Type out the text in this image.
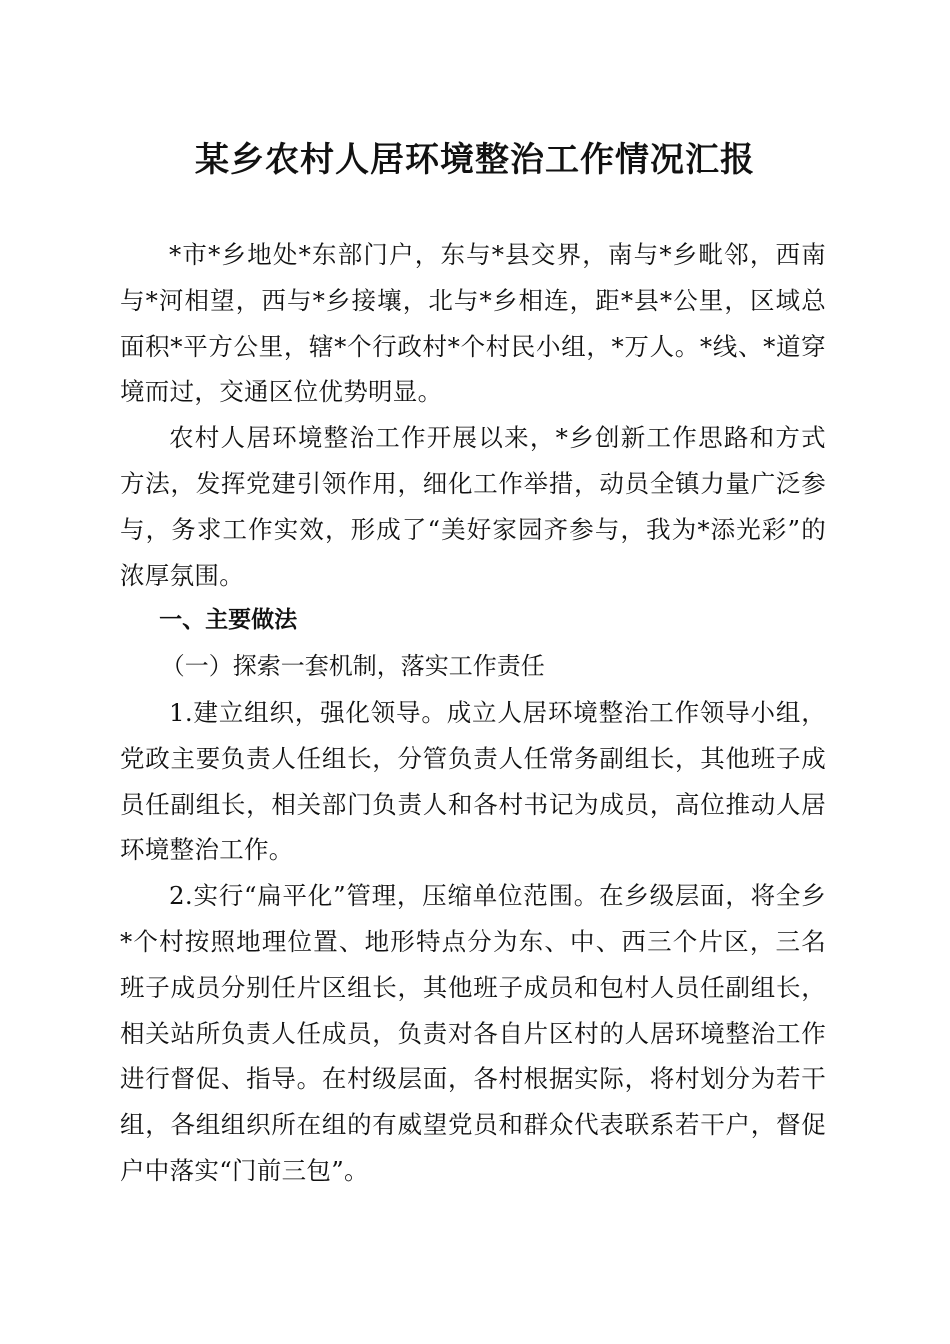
某乡农村人居环境整治工作情况汇报

*市*乡地处*东部门户，东与*县交界，南与*乡毗邻，西南与*河相望，西与*乡接壤，北与*乡相连，距*县*公里，区域总面积*平方公里，辖*个行政村*个村民小组，*万人。*线、*道穿境而过，交通区位优势明显。

农村人居环境整治工作开展以来，*乡创新工作思路和方式方法，发挥党建引领作用，细化工作举措，动员全镇力量广泛参与，务求工作实效，形成了“美好家园齐参与，我为*添光彩”的浓厚氛围。

一、主要做法

（一）探索一套机制，落实工作责任

1.建立组织，强化领导。成立人居环境整治工作领导小组，党政主要负责人任组长，分管负责人任常务副组长，其他班子成员任副组长，相关部门负责人和各村书记为成员，高位推动人居环境整治工作。

2.实行“扁平化”管理，压缩单位范围。在乡级层面，将全乡*个村按照地理位置、地形特点分为东、中、西三个片区，三名班子成员分别任片区组长，其他班子成员和包村人员任副组长，相关站所负责人任成员，负责对各自片区村的人居环境整治工作进行督促、指导。在村级层面，各村根据实际，将村划分为若干组，各组组织所在组的有威望党员和群众代表联系若干户，督促户中落实“门前三包”。
